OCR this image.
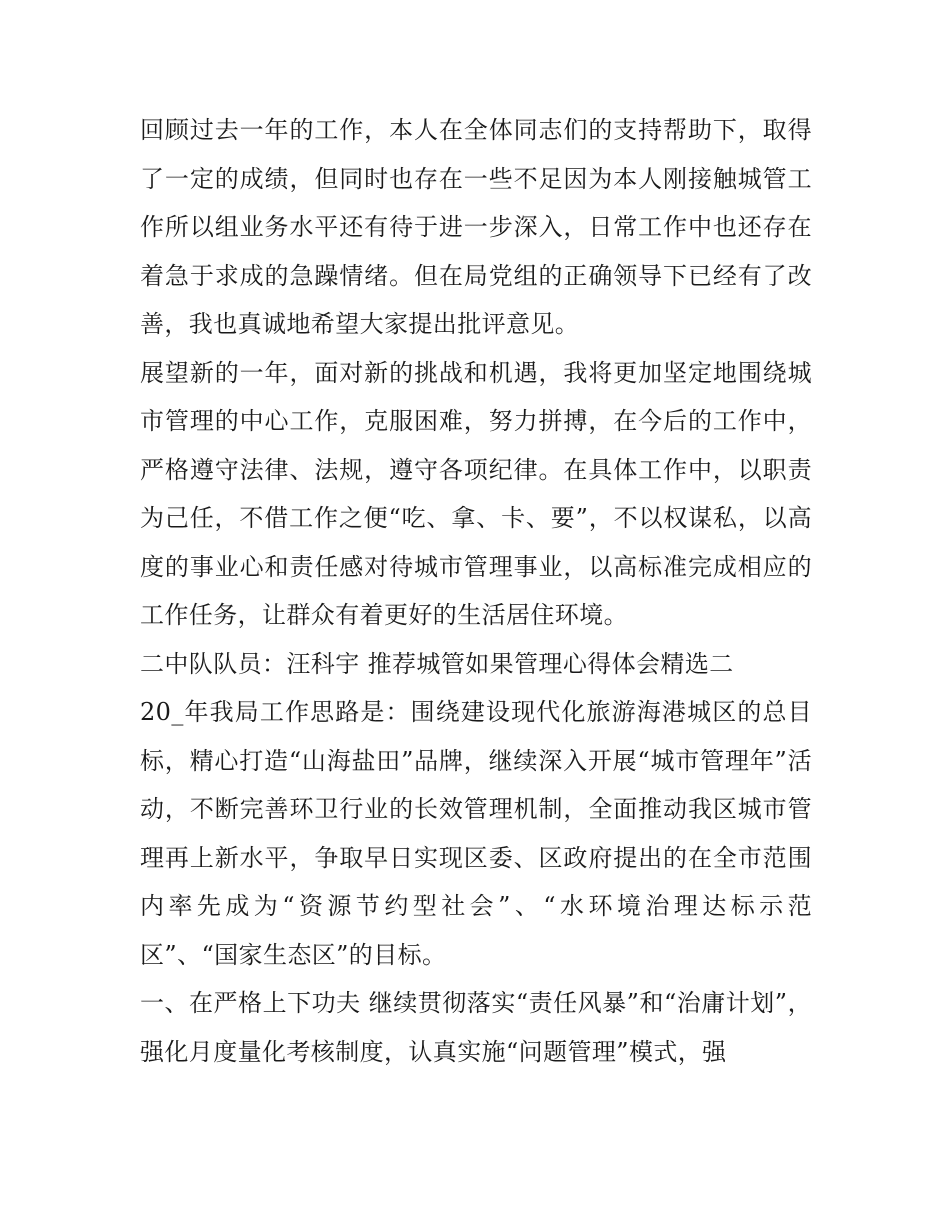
回顾过去一年的工作，本人在全体同志们的支持帮助下，取得了一定的成绩，但同时也存在一些不足因为本人刚接触城管工作所以组业务水平还有待于进一步深入，日常工作中也还存在着急于求成的急躁情绪。但在局党组的正确领导下已经有了改善，我也真诚地希望大家提出批评意见。

展望新的一年，面对新的挑战和机遇，我将更加坚定地围绕城市管理的中心工作，克服困难，努力拼搏，在今后的工作中，严格遵守法律、法规，遵守各项纪律。在具体工作中，以职责为己任，不借工作之便“吃、拿、卡、要”，不以权谋私，以高度的事业心和责任感对待城市管理事业，以高标准完成相应的工作任务，让群众有着更好的生活居住环境。

二中队队员：汪科宇 推荐城管如果管理心得体会精选二

20_年我局工作思路是：围绕建设现代化旅游海港城区的总目标，精心打造“山海盐田”品牌，继续深入开展“城市管理年”活动，不断完善环卫行业的长效管理机制，全面推动我区城市管理再上新水平，争取早日实现区委、区政府提出的在全市范围内率先成为“资源节约型社会”、“水环境治理达标示范区”、“国家生态区”的目标。

一、在严格上下功夫 继续贯彻落实“责任风暴”和“治庸计划”，强化月度量化考核制度，认真实施“问题管理”模式，强
